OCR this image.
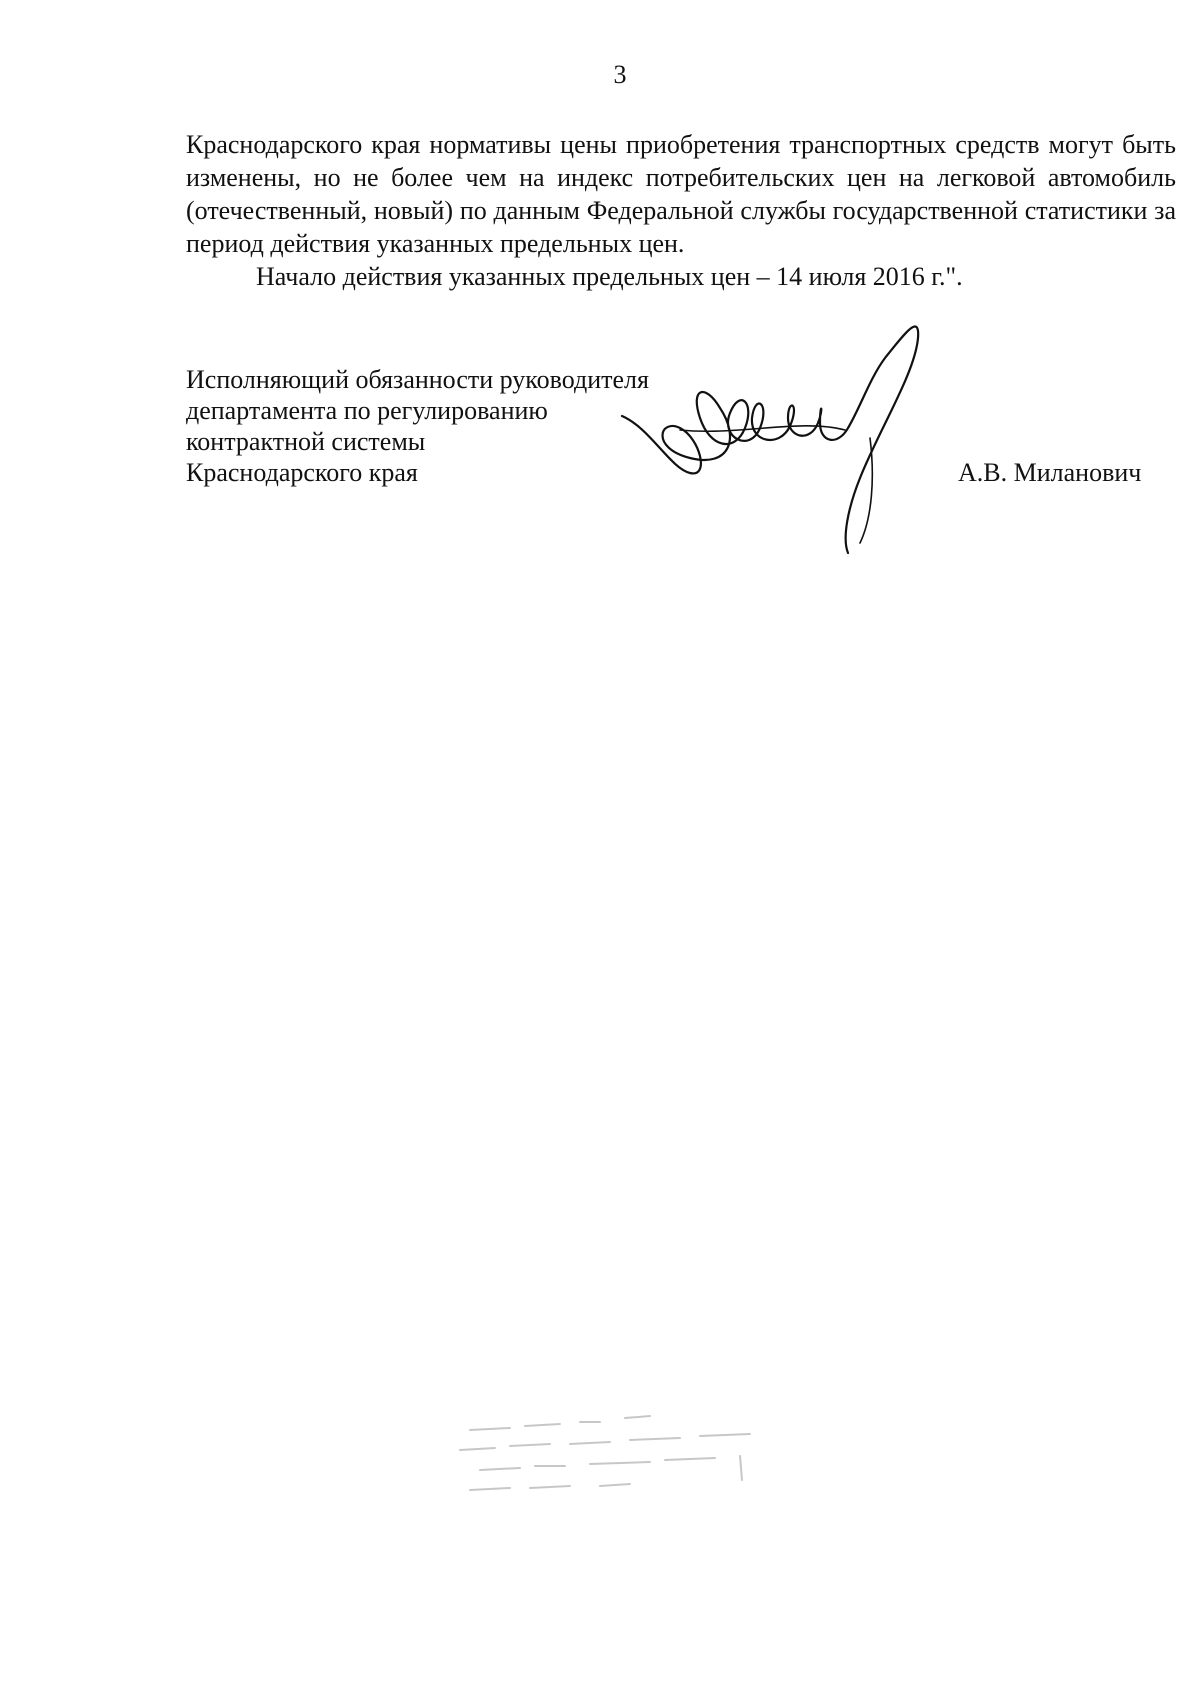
3

Краснодарского края нормативы цены приобретения транспортных средств могут быть изменены, но не более чем на индекс потребительских цен на легковой автомобиль (отечественный, новый) по данным Федеральной службы государственной статистики за период действия указанных предельных цен.

Начало действия указанных предельных цен – 14 июля 2016 г.".

Исполняющий обязанности руководителя
департамента по регулированию
контрактной системы
Краснодарского края	А.В. Миланович
